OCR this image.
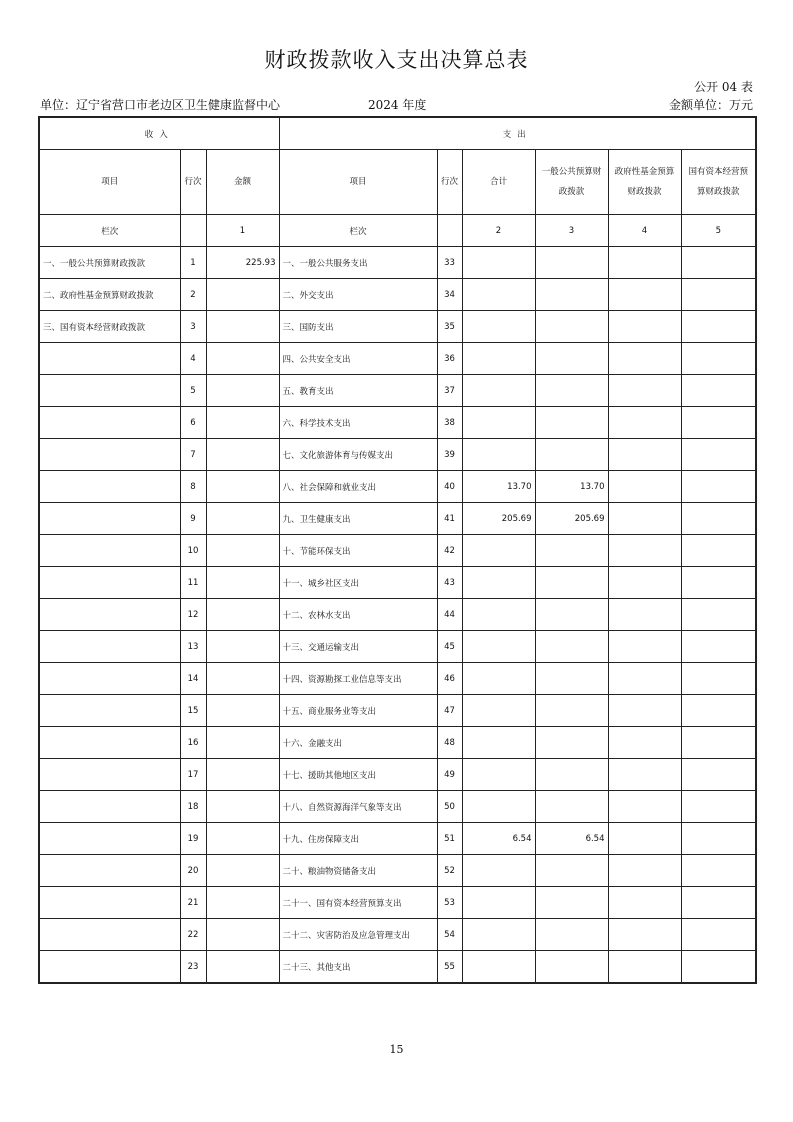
财政拨款收入支出决算总表
公开 04 表
单位：辽宁省营口市老边区卫生健康监督中心	2024 年度	金额单位：万元
收入			支出					
项目	行次	金额	项目	行次	合计	一般公共预算财政拨款	政府性基金预算财政拨款	国有资本经营预算财政拨款
栏次		1	栏次		2	3	4	5
一、一般公共预算财政拨款	1	225.93	一、一般公共服务支出	33				
二、政府性基金预算财政拨款	2		二、外交支出	34				
三、国有资本经营财政拨款	3		三、国防支出	35				
	4		四、公共安全支出	36				
	5		五、教育支出	37				
	6		六、科学技术支出	38				
	7		七、文化旅游体育与传媒支出	39				
	8		八、社会保障和就业支出	40	13.70	13.70		
	9		九、卫生健康支出	41	205.69	205.69		
	10		十、节能环保支出	42				
	11		十一、城乡社区支出	43				
	12		十二、农林水支出	44				
	13		十三、交通运输支出	45				
	14		十四、资源勘探工业信息等支出	46				
	15		十五、商业服务业等支出	47				
	16		十六、金融支出	48				
	17		十七、援助其他地区支出	49				
	18		十八、自然资源海洋气象等支出	50				
	19		十九、住房保障支出	51	6.54	6.54		
	20		二十、粮油物资储备支出	52				
	21		二十一、国有资本经营预算支出	53				
	22		二十二、灾害防治及应急管理支出	54				
	23		二十三、其他支出	55				
15
